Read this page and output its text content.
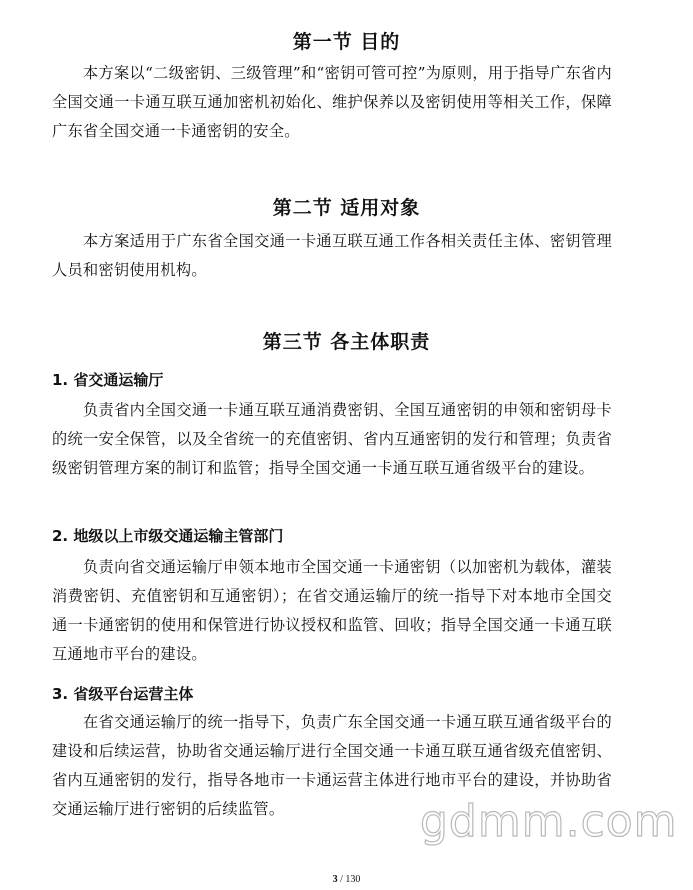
第一节 目的

本方案以“二级密钥、三级管理”和“密钥可管可控”为原则，用于指导广东省内全国交通一卡通互联互通加密机初始化、维护保养以及密钥使用等相关工作，保障广东省全国交通一卡通密钥的安全。

第二节 适用对象

本方案适用于广东省全国交通一卡通互联互通工作各相关责任主体、密钥管理人员和密钥使用机构。

第三节 各主体职责
1. 省交通运输厅

负责省内全国交通一卡通互联互通消费密钥、全国互通密钥的申领和密钥母卡的统一安全保管，以及全省统一的充值密钥、省内互通密钥的发行和管理；负责省级密钥管理方案的制订和监管；指导全国交通一卡通互联互通省级平台的建设。

2. 地级以上市级交通运输主管部门

负责向省交通运输厅申领本地市全国交通一卡通密钥（以加密机为载体，灌装消费密钥、充值密钥和互通密钥）；在省交通运输厅的统一指导下对本地市全国交通一卡通密钥的使用和保管进行协议授权和监管、回收；指导全国交通一卡通互联互通地市平台的建设。

3. 省级平台运营主体

在省交通运输厅的统一指导下，负责广东全国交通一卡通互联互通省级平台的建设和后续运营，协助省交通运输厅进行全国交通一卡通互联互通省级充值密钥、省内互通密钥的发行，指导各地市一卡通运营主体进行地市平台的建设，并协助省交通运输厅进行密钥的后续监管。	gdmm.com
3 / 130
